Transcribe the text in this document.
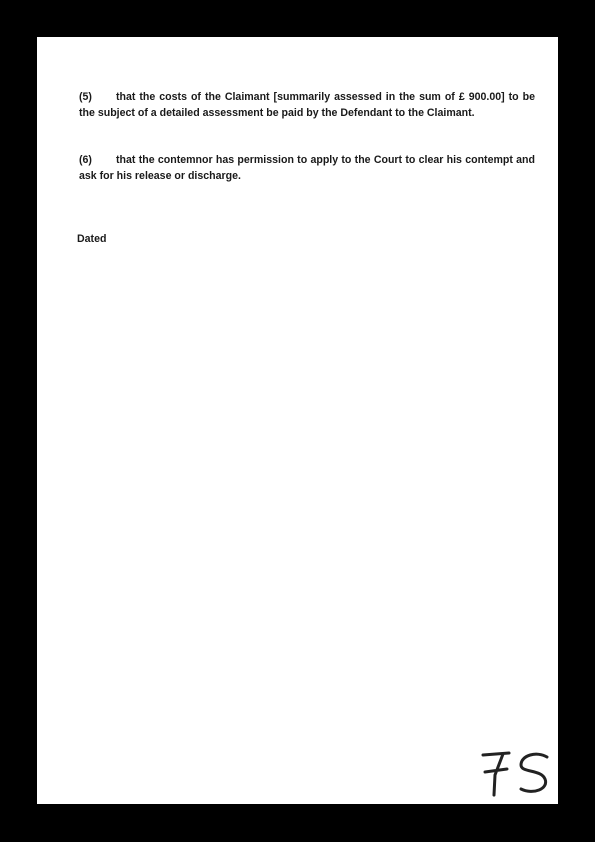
(5) that the costs of the Claimant [summarily assessed in the sum of £ 900.00] to be the subject of a detailed assessment be paid by the Defendant to the Claimant.

(6) that the contemnor has permission to apply to the Court to clear his contempt and ask for his release or discharge.

Dated
